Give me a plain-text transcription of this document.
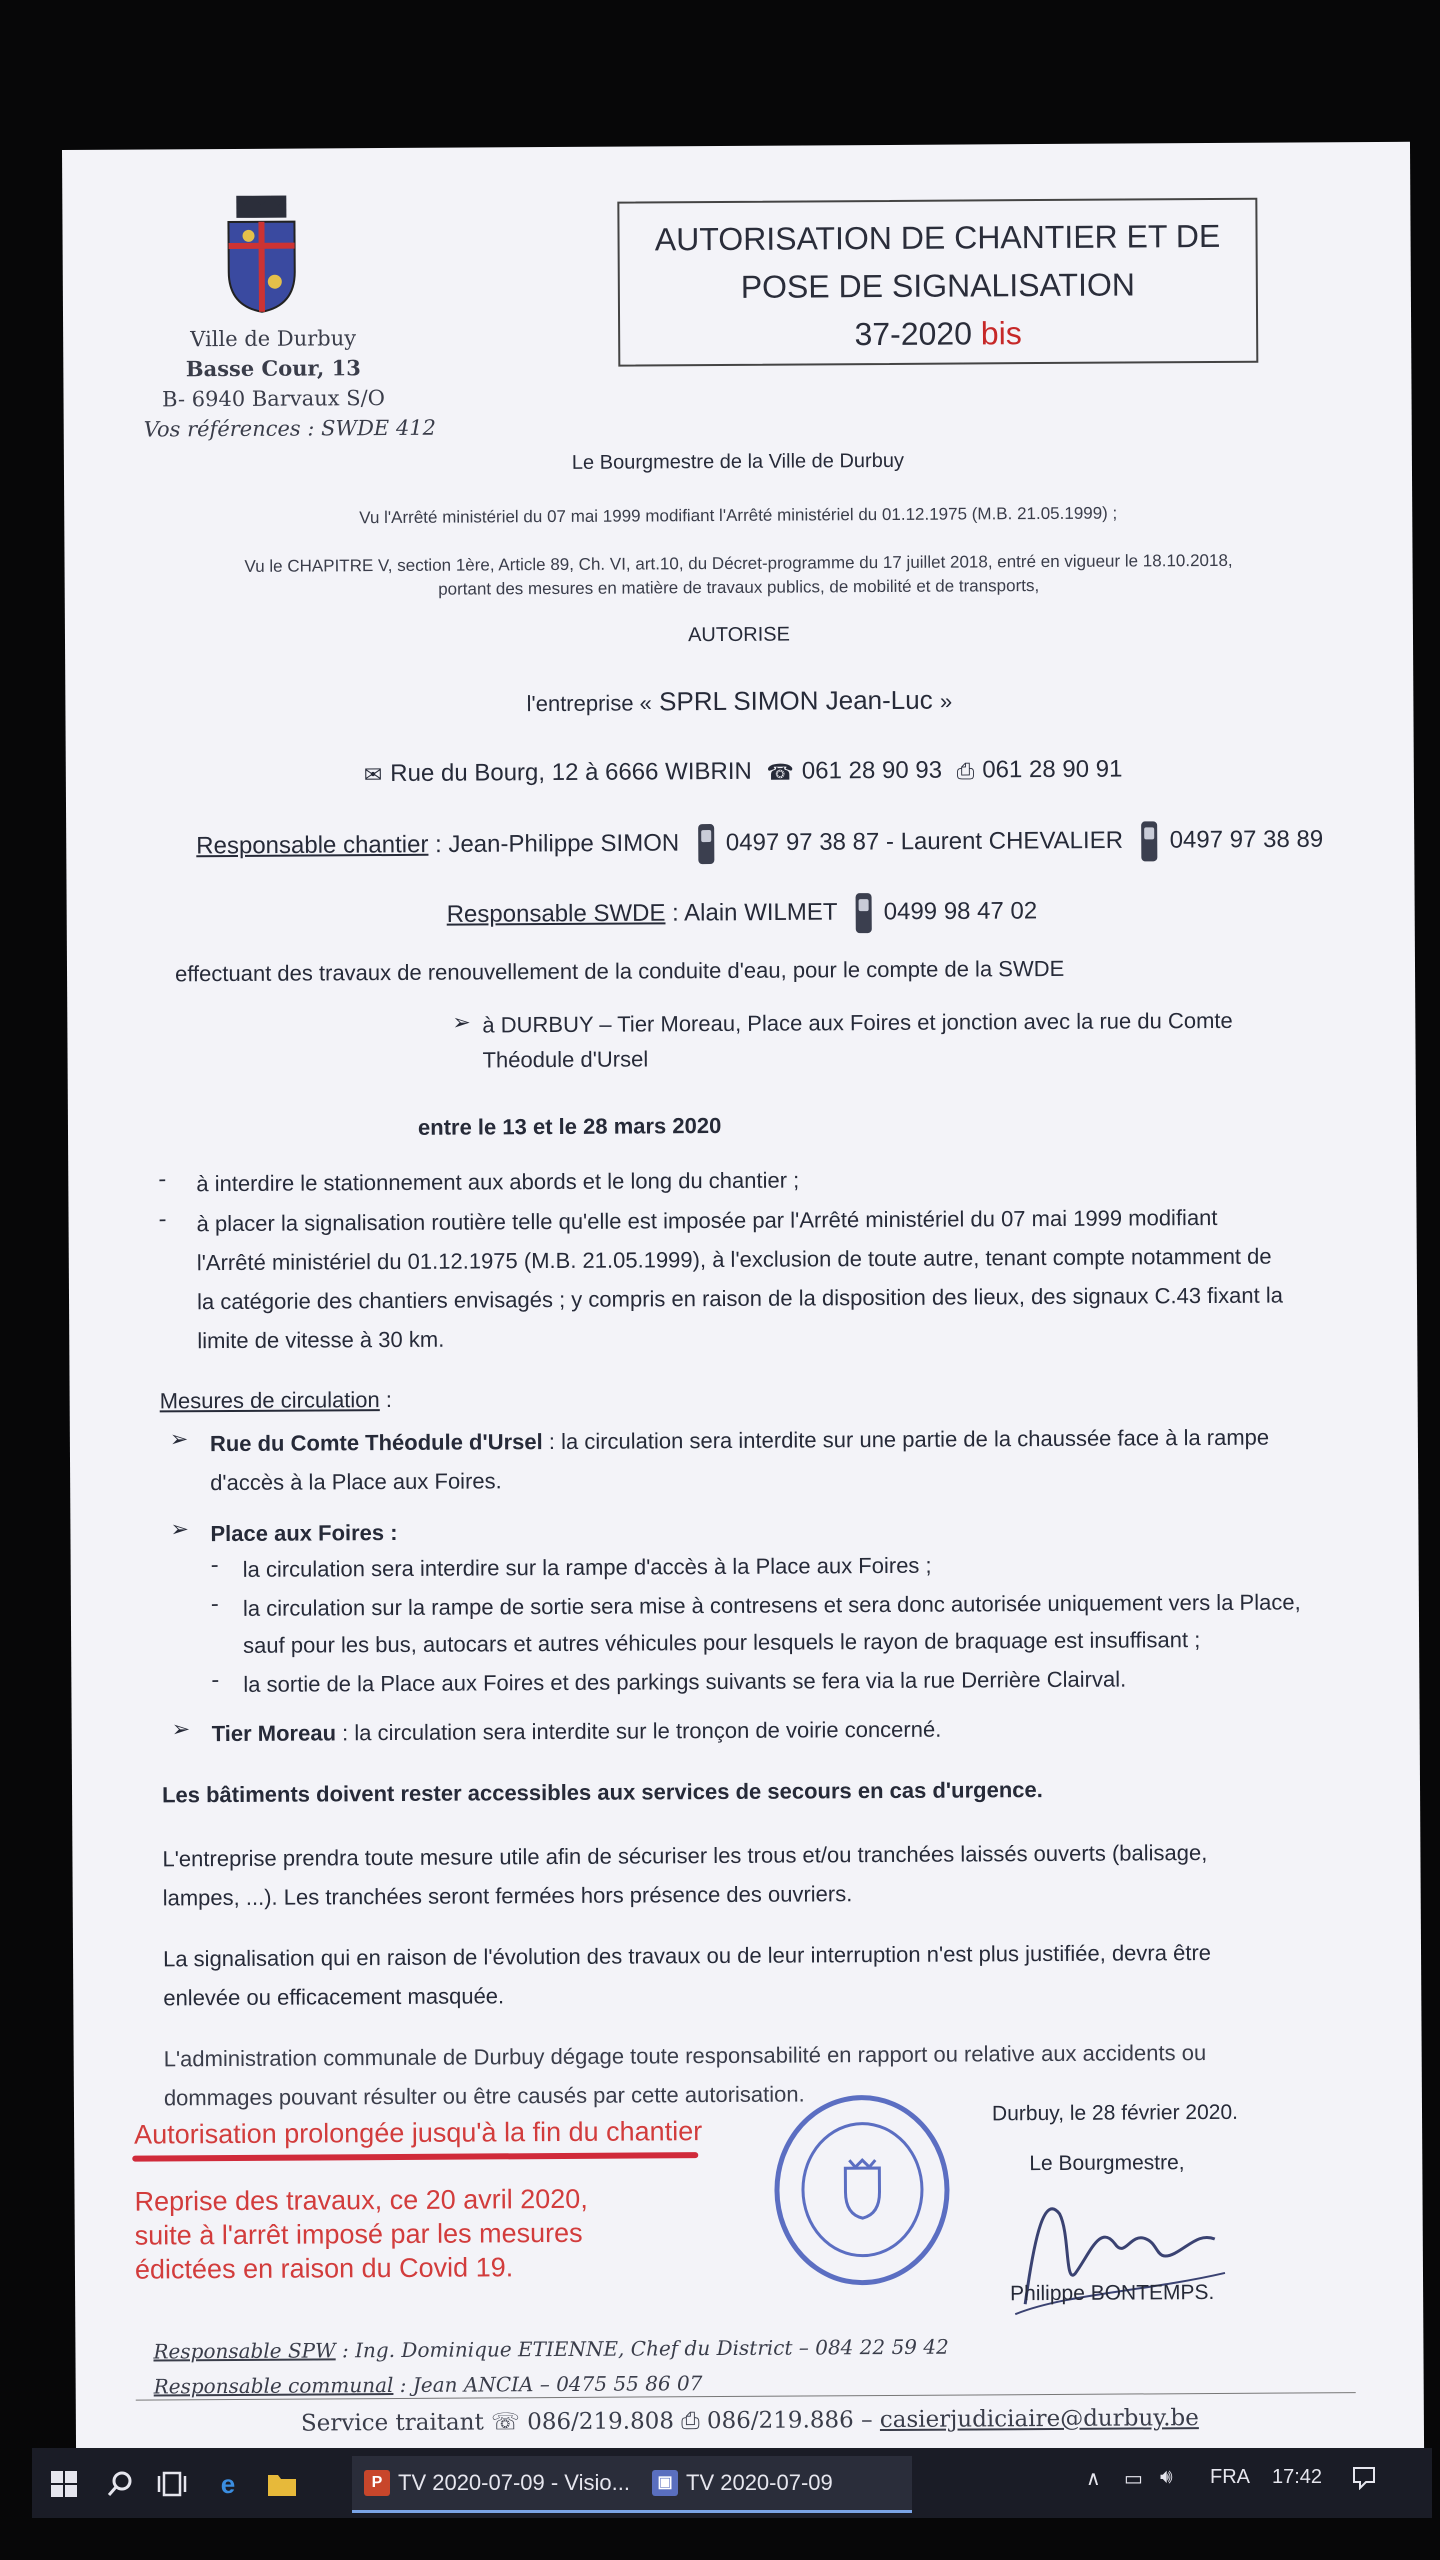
Ville de Durbuy
Basse Cour, 13
B- 6940 Barvaux S/O
Vos références : SWDE 412
AUTORISATION DE CHANTIER ET DE
POSE DE SIGNALISATION
37-2020 bis
Le Bourgmestre de la Ville de Durbuy
Vu l'Arrêté ministériel du 07 mai 1999 modifiant l'Arrêté ministériel du 01.12.1975 (M.B. 21.05.1999) ;
Vu le CHAPITRE V, section 1ère, Article 89, Ch. VI, art.10, du Décret-programme du 17 juillet 2018, entré en vigueur le 18.10.2018,
portant des mesures en matière de travaux publics, de mobilité et de transports,
AUTORISE
l'entreprise « SPRL SIMON Jean-Luc »
✉ Rue du Bourg, 12 à 6666 WIBRIN ☎ 061 28 90 93 ⎙ 061 28 90 91
Responsable chantier : Jean-Philippe SIMON 0497 97 38 87 - Laurent CHEVALIER 0497 97 38 89
Responsable SWDE : Alain WILMET 0499 98 47 02
effectuant des travaux de renouvellement de la conduite d'eau, pour le compte de la SWDE
➢ à DURBUY – Tier Moreau, Place aux Foires et jonction avec la rue du Comte
Théodule d'Ursel
entre le 13 et le 28 mars 2020
- à interdire le stationnement aux abords et le long du chantier ;
- à placer la signalisation routière telle qu'elle est imposée par l'Arrêté ministériel du 07 mai 1999 modifiant
l'Arrêté ministériel du 01.12.1975 (M.B. 21.05.1999), à l'exclusion de toute autre, tenant compte notamment de
la catégorie des chantiers envisagés ; y compris en raison de la disposition des lieux, des signaux C.43 fixant la
limite de vitesse à 30 km.
Mesures de circulation :
➢ Rue du Comte Théodule d'Ursel : la circulation sera interdite sur une partie de la chaussée face à la rampe
d'accès à la Place aux Foires.
➢ Place aux Foires :
- la circulation sera interdire sur la rampe d'accès à la Place aux Foires ;
- la circulation sur la rampe de sortie sera mise à contresens et sera donc autorisée uniquement vers la Place,
sauf pour les bus, autocars et autres véhicules pour lesquels le rayon de braquage est insuffisant ;
- la sortie de la Place aux Foires et des parkings suivants se fera via la rue Derrière Clairval.
➢ Tier Moreau : la circulation sera interdite sur le tronçon de voirie concerné.
Les bâtiments doivent rester accessibles aux services de secours en cas d'urgence.
L'entreprise prendra toute mesure utile afin de sécuriser les trous et/ou tranchées laissés ouverts (balisage,
lampes, ...). Les tranchées seront fermées hors présence des ouvriers.
La signalisation qui en raison de l'évolution des travaux ou de leur interruption n'est plus justifiée, devra être
enlevée ou efficacement masquée.
L'administration communale de Durbuy dégage toute responsabilité en rapport ou relative aux accidents ou
dommages pouvant résulter ou être causés par cette autorisation.
Autorisation prolongée jusqu'à la fin du chantier
Reprise des travaux, ce 20 avril 2020,
suite à l'arrêt imposé par les mesures
édictées en raison du Covid 19.
Durbuy, le 28 février 2020.
Le Bourgmestre,
Philippe BONTEMPS.
Responsable SPW : Ing. Dominique ETIENNE, Chef du District – 084 22 59 42
Responsable communal : Jean ANCIA – 0475 55 86 07
Service traitant ☏ 086/219.808 ⎙ 086/219.886 – casierjudiciaire@durbuy.be
e	P TV 2020-07-09 - Visio...	▣ TV 2020-07-09	∧ ▭ 🔊︎ FRA 17:42
